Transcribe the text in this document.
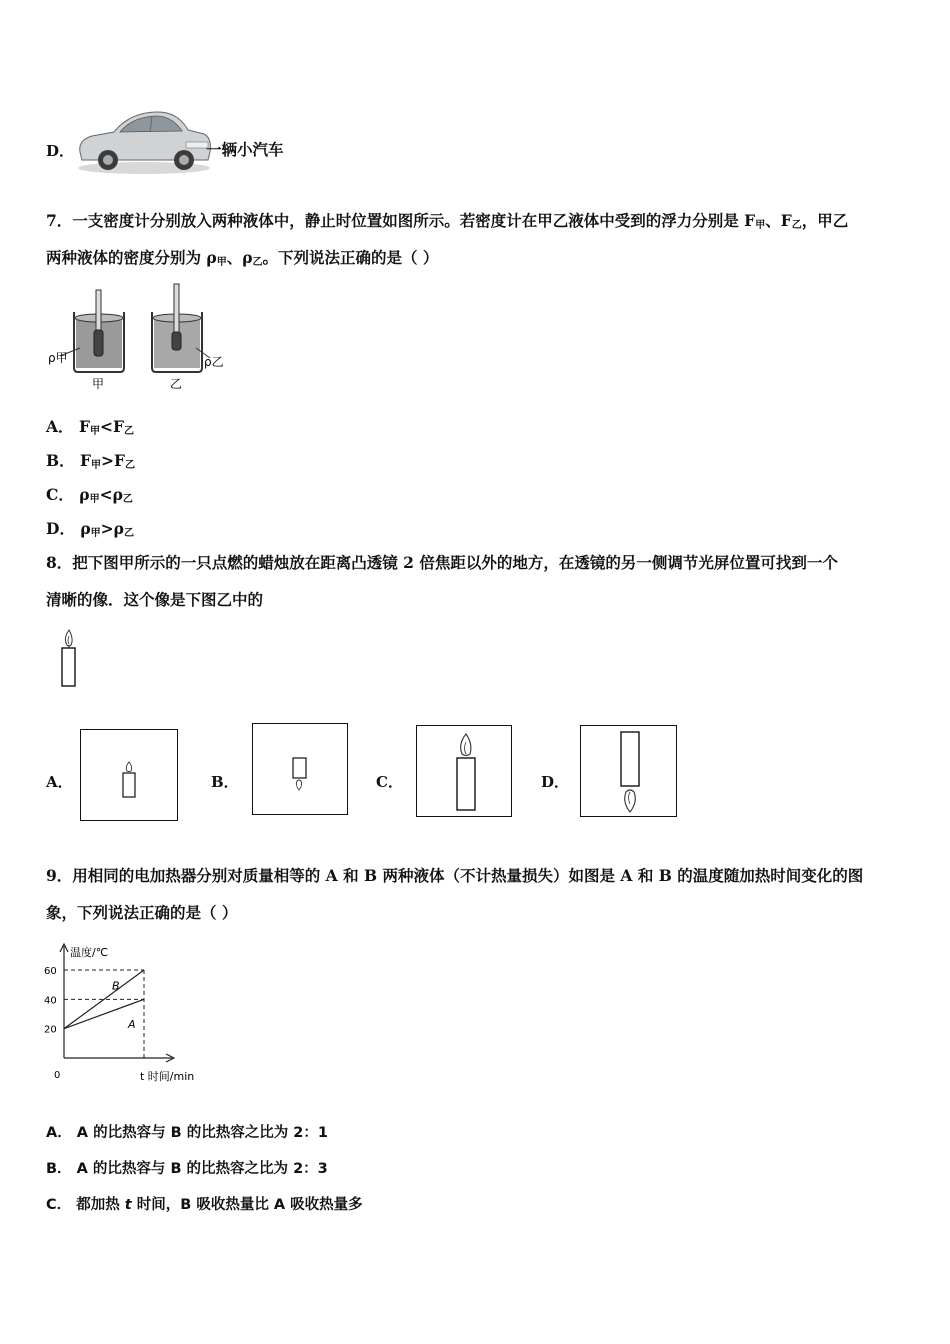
D．	一辆小汽车
7．一支密度计分别放入两种液体中，静止时位置如图所示。若密度计在甲乙液体中受到的浮力分别是 $F_甲$、$F_乙$，甲乙
两种液体的密度分别为 $\rho_甲$、$\rho_乙$。下列说法正确的是（ ）
ρ甲	ρ乙
甲	乙
A． $F_甲<F_乙$
B． $F_甲>F_乙$
C． $\rho_甲<\rho_乙$
D． $\rho_甲>\rho_乙$
8．把下图甲所示的一只点燃的蜡烛放在距离凸透镜 2 倍焦距以外的地方，在透镜的另一侧调节光屏位置可找到一个
清晰的像．这个像是下图乙中的
A．	B．	C．	D．
9．用相同的电加热器分别对质量相等的 A 和 B 两种液体（不计热量损失）如图是 A 和 B 的温度随加热时间变化的图
象，下列说法正确的是（ ）
温度/℃
t 时间/min
0
20
40
60
B
A
A． A 的比热容与 B 的比热容之比为 2：1
B． A 的比热容与 B 的比热容之比为 2：3
C． 都加热 t 时间，B 吸收热量比 A 吸收热量多
